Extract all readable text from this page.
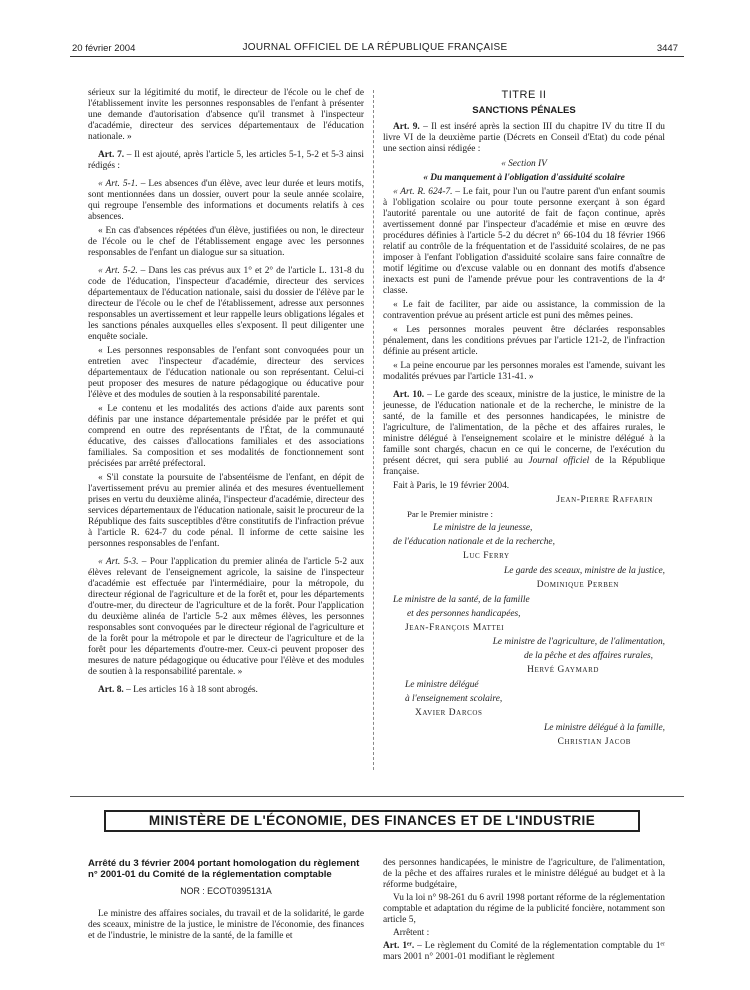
20 février 2004	JOURNAL OFFICIEL DE LA RÉPUBLIQUE FRANÇAISE	3447

sérieux sur la légitimité du motif, le directeur de l'école ou le chef de l'établissement invite les personnes responsables de l'enfant à présenter une demande d'autorisation d'absence qu'il transmet à l'inspecteur d'académie, directeur des services départementaux de l'éducation nationale. »

Art. 7. – Il est ajouté, après l'article 5, les articles 5-1, 5-2 et 5-3 ainsi rédigés :

« Art. 5-1. – Les absences d'un élève, avec leur durée et leurs motifs, sont mentionnées dans un dossier, ouvert pour la seule année scolaire, qui regroupe l'ensemble des informations et documents relatifs à ces absences.

« En cas d'absences répétées d'un élève, justifiées ou non, le directeur de l'école ou le chef de l'établissement engage avec les personnes responsables de l'enfant un dialogue sur sa situation.

« Art. 5-2. – Dans les cas prévus aux 1° et 2° de l'article L. 131-8 du code de l'éducation, l'inspecteur d'académie, directeur des services départementaux de l'éducation nationale, saisi du dossier de l'élève par le directeur de l'école ou le chef de l'établissement, adresse aux personnes responsables un avertissement et leur rappelle leurs obligations légales et les sanctions pénales auxquelles elles s'exposent. Il peut diligenter une enquête sociale.

« Les personnes responsables de l'enfant sont convoquées pour un entretien avec l'inspecteur d'académie, directeur des services départementaux de l'éducation nationale ou son représentant. Celui-ci peut proposer des mesures de nature pédagogique ou éducative pour l'élève et des modules de soutien à la responsabilité parentale.

« Le contenu et les modalités des actions d'aide aux parents sont définis par une instance départementale présidée par le préfet et qui comprend en outre des représentants de l'État, de la communauté éducative, des caisses d'allocations familiales et des associations familiales. Sa composition et ses modalités de fonctionnement sont précisées par arrêté préfectoral.

« S'il constate la poursuite de l'absentéisme de l'enfant, en dépit de l'avertissement prévu au premier alinéa et des mesures éventuellement prises en vertu du deuxième alinéa, l'inspecteur d'académie, directeur des services départementaux de l'éducation nationale, saisit le procureur de la République des faits susceptibles d'être constitutifs de l'infraction prévue à l'article R. 624-7 du code pénal. Il informe de cette saisine les personnes responsables de l'enfant.

« Art. 5-3. – Pour l'application du premier alinéa de l'article 5-2 aux élèves relevant de l'enseignement agricole, la saisine de l'inspecteur d'académie est effectuée par l'intermédiaire, pour la métropole, du directeur régional de l'agriculture et de la forêt et, pour les départements d'outre-mer, du directeur de l'agriculture et de la forêt. Pour l'application du deuxième alinéa de l'article 5-2 aux mêmes élèves, les personnes responsables sont convoquées par le directeur régional de l'agriculture et de la forêt pour la métropole et par le directeur de l'agriculture et de la forêt pour les départements d'outre-mer. Ceux-ci peuvent proposer des mesures de nature pédagogique ou éducative pour l'élève et des modules de soutien à la responsabilité parentale. »

Art. 8. – Les articles 16 à 18 sont abrogés.

TITRE II
SANCTIONS PÉNALES

Art. 9. – Il est inséré après la section III du chapitre IV du titre II du livre VI de la deuxième partie (Décrets en Conseil d'Etat) du code pénal une section ainsi rédigée :

« Section IV

« Du manquement à l'obligation d'assiduité scolaire

« Art. R. 624-7. – Le fait, pour l'un ou l'autre parent d'un enfant soumis à l'obligation scolaire ou pour toute personne exerçant à son égard l'autorité parentale ou une autorité de fait de façon continue, après avertissement donné par l'inspecteur d'académie et mise en œuvre des procédures définies à l'article 5-2 du décret n° 66-104 du 18 février 1966 relatif au contrôle de la fréquentation et de l'assiduité scolaires, de ne pas imposer à l'enfant l'obligation d'assiduité scolaire sans faire connaître de motif légitime ou d'excuse valable ou en donnant des motifs d'absence inexacts est puni de l'amende prévue pour les contraventions de la 4ᵉ classe.

« Le fait de faciliter, par aide ou assistance, la commission de la contravention prévue au présent article est puni des mêmes peines.

« Les personnes morales peuvent être déclarées responsables pénalement, dans les conditions prévues par l'article 121-2, de l'infraction définie au présent article.

« La peine encourue par les personnes morales est l'amende, suivant les modalités prévues par l'article 131-41. »

Art. 10. – Le garde des sceaux, ministre de la justice, le ministre de la jeunesse, de l'éducation nationale et de la recherche, le ministre de la santé, de la famille et des personnes handicapées, le ministre de l'agriculture, de l'alimentation, de la pêche et des affaires rurales, le ministre délégué à l'enseignement scolaire et le ministre délégué à la famille sont chargés, chacun en ce qui le concerne, de l'exécution du présent décret, qui sera publié au Journal officiel de la République française.

Fait à Paris, le 19 février 2004.

Jean-Pierre Raffarin

Par le Premier ministre :

Le ministre de la jeunesse,

de l'éducation nationale et de la recherche,

Luc Ferry

Le garde des sceaux, ministre de la justice,

Dominique Perben

Le ministre de la santé, de la famille

et des personnes handicapées,

Jean-François Mattei

Le ministre de l'agriculture, de l'alimentation,

de la pêche et des affaires rurales,

Hervé Gaymard

Le ministre délégué

à l'enseignement scolaire,

Xavier Darcos

Le ministre délégué à la famille,

Christian Jacob

MINISTÈRE DE L'ÉCONOMIE, DES FINANCES ET DE L'INDUSTRIE
Arrêté du 3 février 2004 portant homologation du règlement n° 2001-01 du Comité de la réglementation comptable
NOR : ECOT0395131A

Le ministre des affaires sociales, du travail et de la solidarité, le garde des sceaux, ministre de la justice, le ministre de l'économie, des finances et de l'industrie, le ministre de la santé, de la famille et

des personnes handicapées, le ministre de l'agriculture, de l'alimentation, de la pêche et des affaires rurales et le ministre délégué au budget et à la réforme budgétaire,

Vu la loi n° 98-261 du 6 avril 1998 portant réforme de la réglementation comptable et adaptation du régime de la publicité foncière, notamment son article 5,

Arrêtent :

Art. 1ᵉʳ. – Le règlement du Comité de la réglementation comptable du 1ᵉʳ mars 2001 n° 2001-01 modifiant le règlement
